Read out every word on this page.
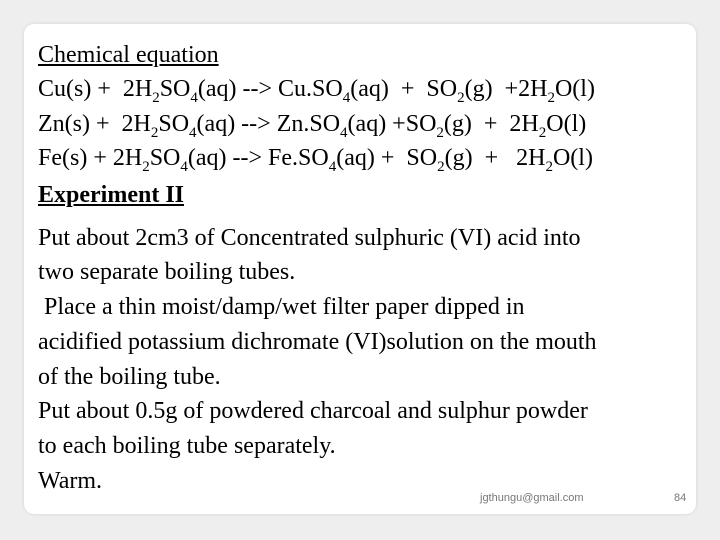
Chemical equation
$Cu(s) + 2H_2SO_4(aq)$ --> $Cu.SO_4(aq) + SO_2(g) +2H_2O(l)$
$Zn(s) + 2H_2SO_4(aq)$ --> $Zn.SO_4(aq) +SO_2(g) + 2H_2O(l)$
$Fe(s) + 2H_2SO_4(aq)$ --> $Fe.SO_4(aq) + SO_2(g) + 2H_2O(l)$
Experiment II
Put about 2cm3 of Concentrated sulphuric (VI) acid into
two separate boiling tubes.
Place a thin moist/damp/wet filter paper dipped in
acidified potassium dichromate (VI)solution on the mouth
of the boiling tube.
Put about 0.5g of powdered charcoal and sulphur powder
to each boiling tube separately.
Warm.
jgthungu@gmail.com	84
